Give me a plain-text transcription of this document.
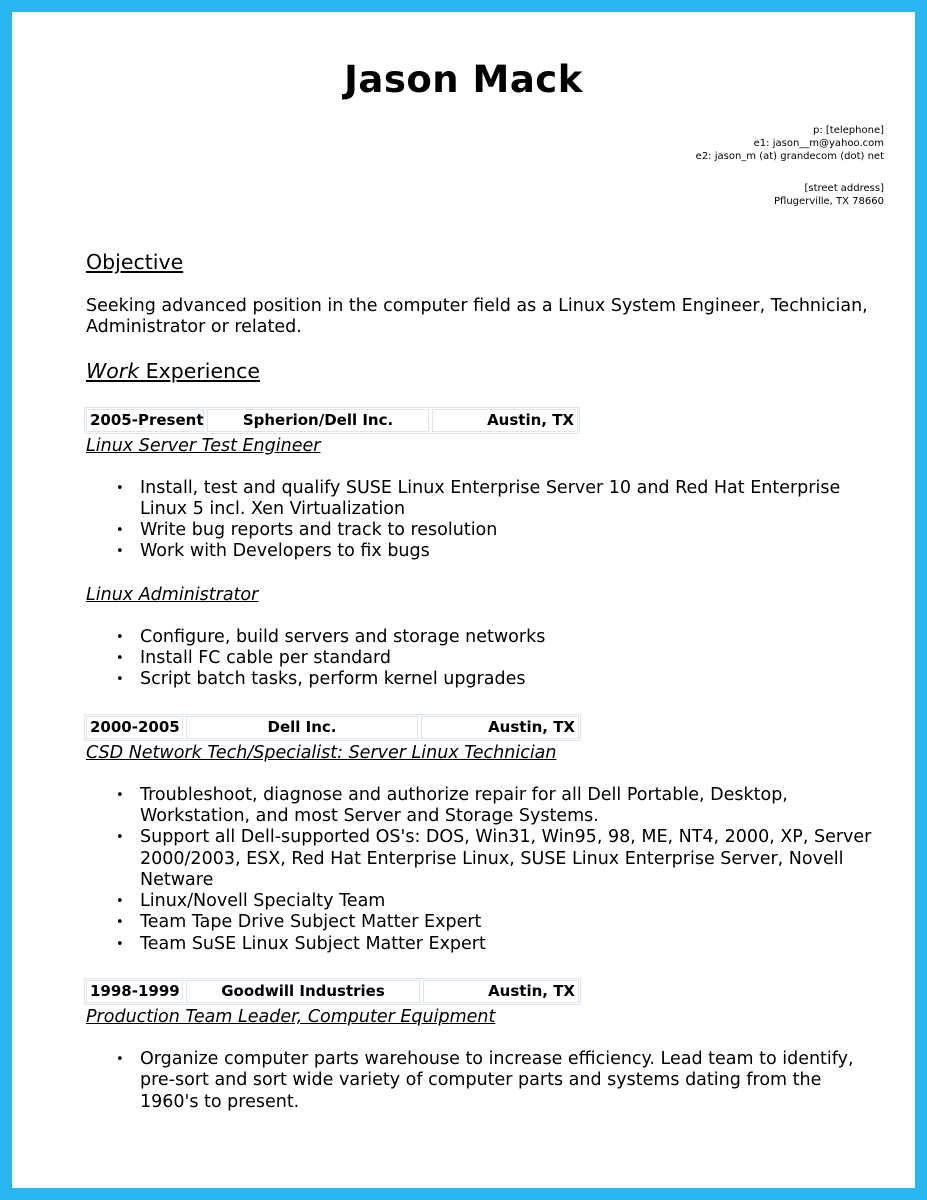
Jason Mack
p: [telephone]
e1: jason__m@yahoo.com
e2: jason_m (at) grandecom (dot) net
[street address]
Pflugerville, TX 78660
Objective
Seeking advanced position in the computer field as a Linux System Engineer, Technician, Administrator or related.
Work Experience
2005-Present	Spherion/Dell Inc.	Austin, TX
Linux Server Test Engineer
• Install, test and qualify SUSE Linux Enterprise Server 10 and Red Hat Enterprise Linux 5 incl. Xen Virtualization
• Write bug reports and track to resolution
• Work with Developers to fix bugs
Linux Administrator
• Configure, build servers and storage networks
• Install FC cable per standard
• Script batch tasks, perform kernel upgrades
2000-2005	Dell Inc.	Austin, TX
CSD Network Tech/Specialist: Server Linux Technician
• Troubleshoot, diagnose and authorize repair for all Dell Portable, Desktop, Workstation, and most Server and Storage Systems.
• Support all Dell-supported OS's: DOS, Win31, Win95, 98, ME, NT4, 2000, XP, Server 2000/2003, ESX, Red Hat Enterprise Linux, SUSE Linux Enterprise Server, Novell Netware
• Linux/Novell Specialty Team
• Team Tape Drive Subject Matter Expert
• Team SuSE Linux Subject Matter Expert
1998-1999	Goodwill Industries	Austin, TX
Production Team Leader, Computer Equipment
• Organize computer parts warehouse to increase efficiency. Lead team to identify, pre-sort and sort wide variety of computer parts and systems dating from the 1960's to present.
